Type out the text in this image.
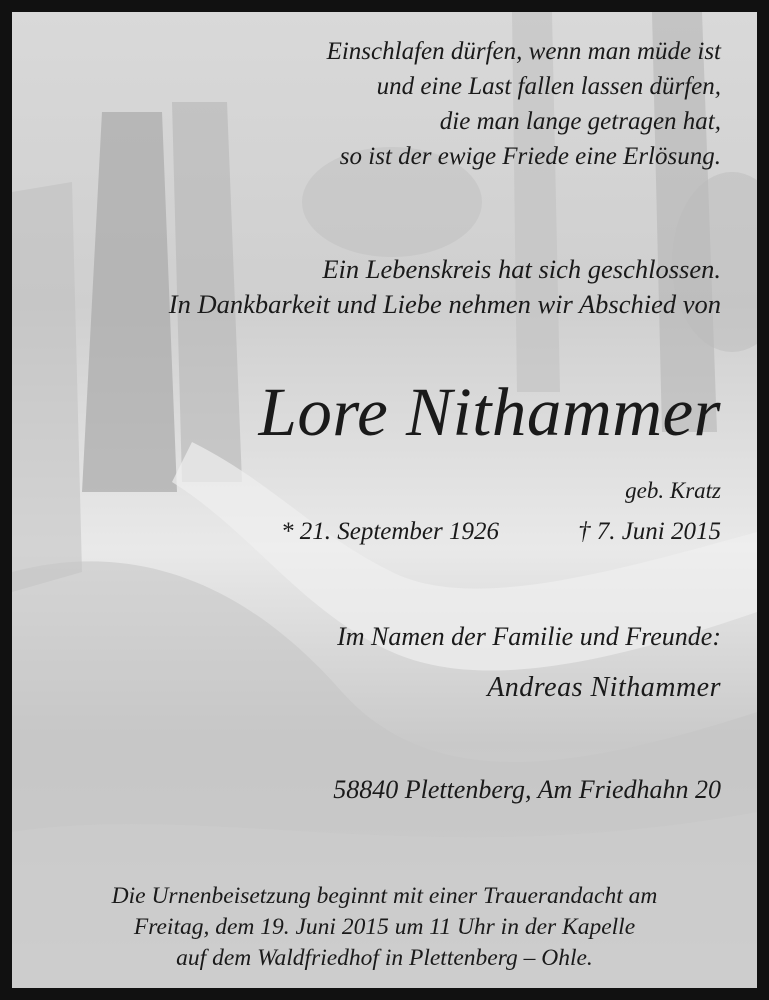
Einschlafen dürfen, wenn man müde ist
und eine Last fallen lassen dürfen,
die man lange getragen hat,
so ist der ewige Friede eine Erlösung.
Ein Lebenskreis hat sich geschlossen.
In Dankbarkeit und Liebe nehmen wir Abschied von
Lore Nithammer
geb. Kratz
* 21. September 1926	† 7. Juni 2015
Im Namen der Familie und Freunde:
Andreas Nithammer
58840 Plettenberg, Am Friedhahn 20
Die Urnenbeisetzung beginnt mit einer Trauerandacht am
Freitag, dem 19. Juni 2015 um 11 Uhr in der Kapelle
auf dem Waldfriedhof in Plettenberg – Ohle.
